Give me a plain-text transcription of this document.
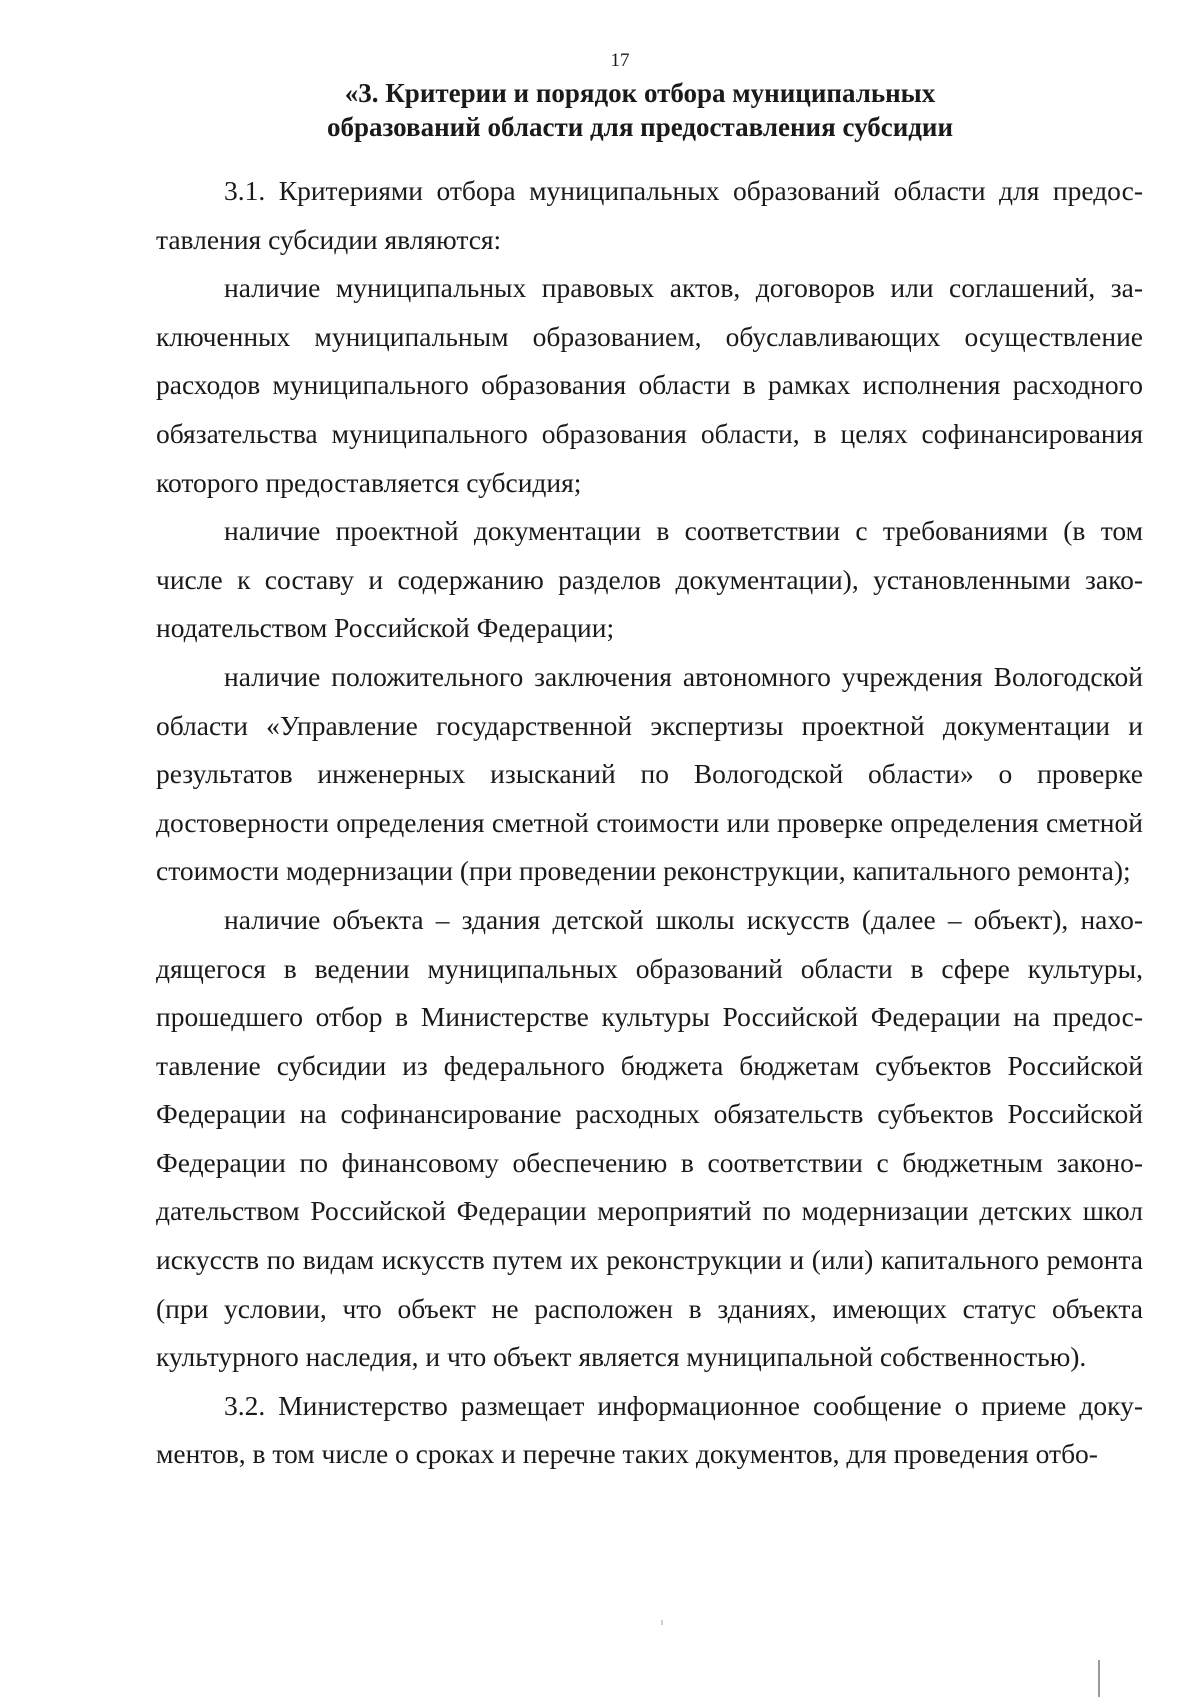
17
«3. Критерии и порядок отбора муниципальных
образований области для предоставления субсидии

3.1. Критериями отбора муниципальных образований области для предоставления субсидии являются:

наличие муниципальных правовых актов, договоров или соглашений, заключенных муниципальным образованием, обуславливающих осуществление расходов муниципального образования области в рамках исполнения расходного обязательства муниципального образования области, в целях софинансирования которого предоставляется субсидия;

наличие проектной документации в соответствии с требованиями (в том числе к составу и содержанию разделов документации), установленными законодательством Российской Федерации;

наличие положительного заключения автономного учреждения Вологодской области «Управление государственной экспертизы проектной документации и результатов инженерных изысканий по Вологодской области» о проверке достоверности определения сметной стоимости или проверке определения сметной стоимости модернизации (при проведении реконструкции, капитального ремонта);

наличие объекта – здания детской школы искусств (далее – объект), находящегося в ведении муниципальных образований области в сфере культуры, прошедшего отбор в Министерстве культуры Российской Федерации на предоставление субсидии из федерального бюджета бюджетам субъектов Российской Федерации на софинансирование расходных обязательств субъектов Российской Федерации по финансовому обеспечению в соответствии с бюджетным законодательством Российской Федерации мероприятий по модернизации детских школ искусств по видам искусств путем их реконструкции и (или) капитального ремонта (при условии, что объект не расположен в зданиях, имеющих статус объекта культурного наследия, и что объект является муниципальной собственностью).

3.2. Министерство размещает информационное сообщение о приеме документов, в том числе о сроках и перечне таких документов, для проведения отбо-
